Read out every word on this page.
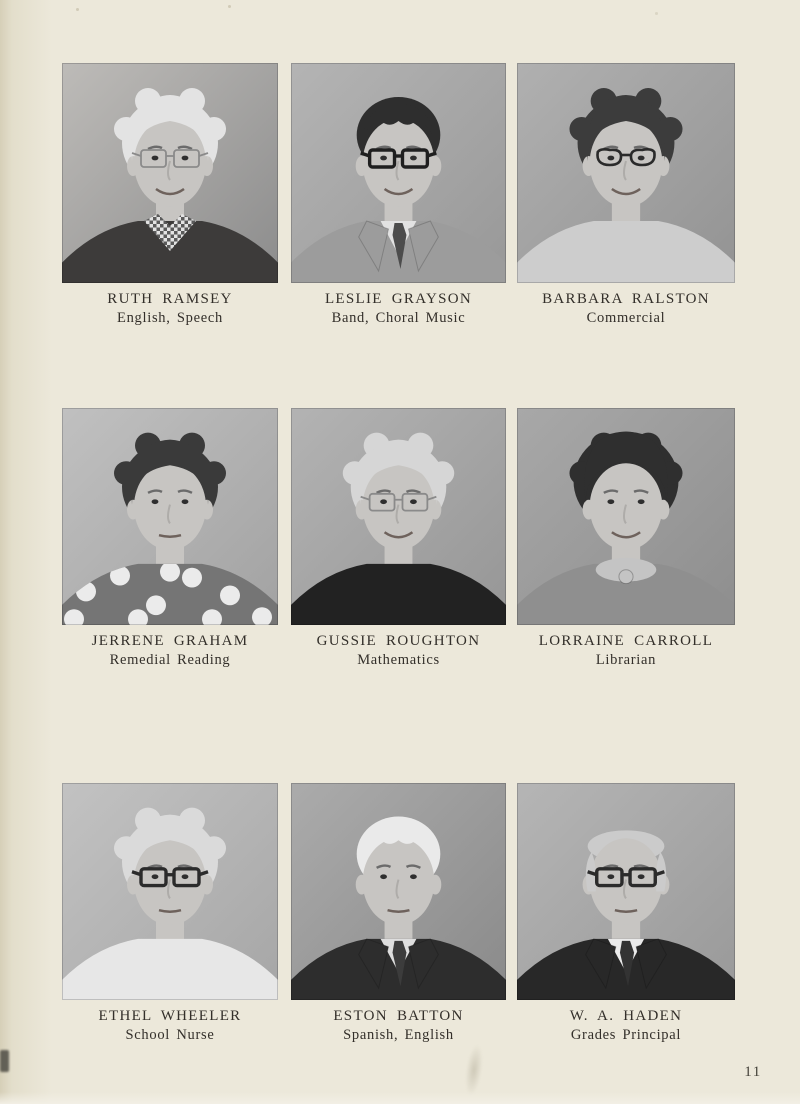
RUTH RAMSEY
English, Speech
LESLIE GRAYSON
Band, Choral Music
BARBARA RALSTON
Commercial
JERRENE GRAHAM
Remedial Reading
GUSSIE ROUGHTON
Mathematics
LORRAINE CARROLL
Librarian
ETHEL WHEELER
School Nurse
ESTON BATTON
Spanish, English
W. A. HADEN
Grades Principal
11
